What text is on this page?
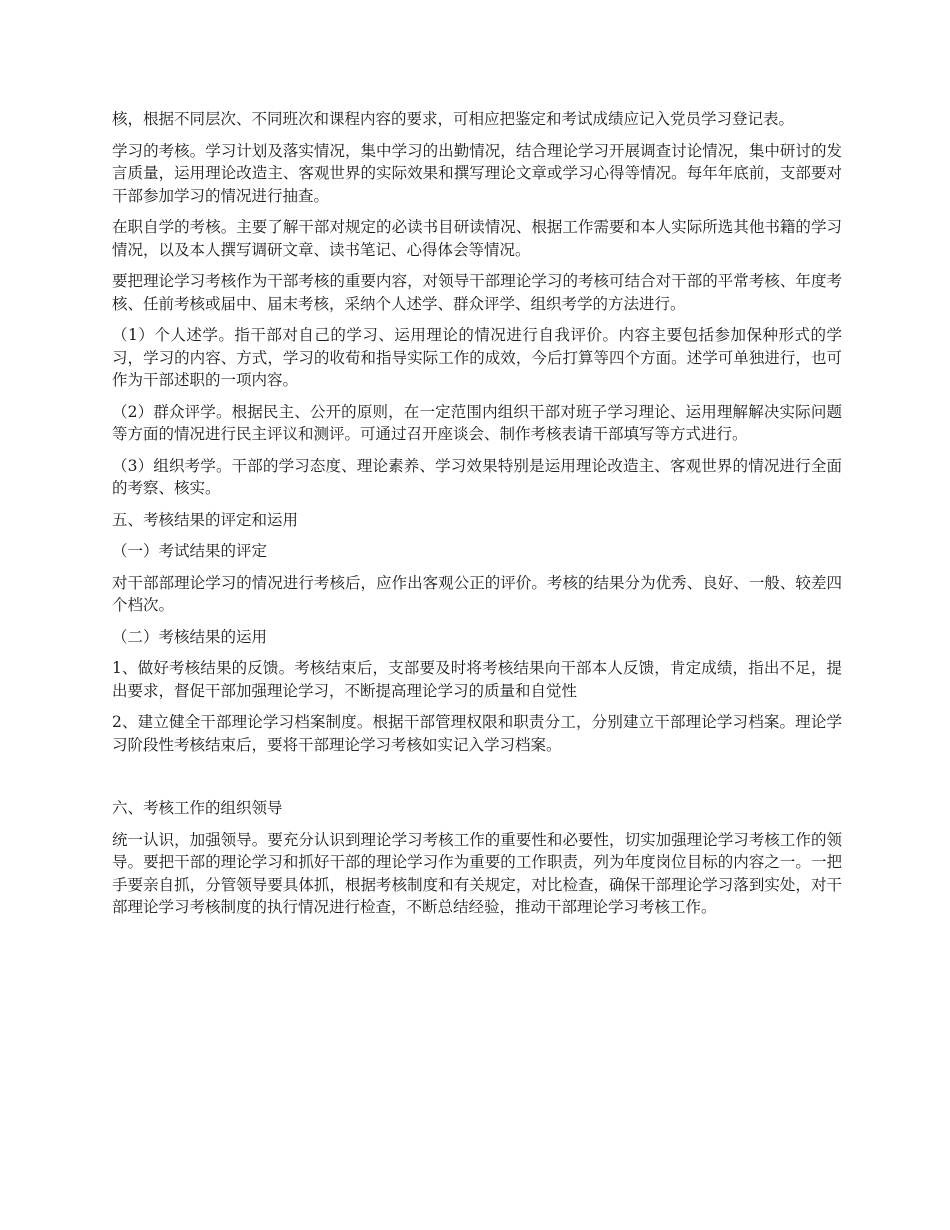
核，根据不同层次、不同班次和课程内容的要求，可相应把鉴定和考试成绩应记入党员学习登记表。

学习的考核。学习计划及落实情况，集中学习的出勤情况，结合理论学习开展调查讨论情况，集中研讨的发言质量，运用理论改造主、客观世界的实际效果和撰写理论文章或学习心得等情况。每年年底前，支部要对干部参加学习的情况进行抽查。

在职自学的考核。主要了解干部对规定的必读书目研读情况、根据工作需要和本人实际所选其他书籍的学习情况，以及本人撰写调研文章、读书笔记、心得体会等情况。

要把理论学习考核作为干部考核的重要内容，对领导干部理论学习的考核可结合对干部的平常考核、年度考核、任前考核或届中、届末考核，采纳个人述学、群众评学、组织考学的方法进行。

（1）个人述学。指干部对自己的学习、运用理论的情况进行自我评价。内容主要包括参加保种形式的学习，学习的内容、方式，学习的收荀和指导实际工作的成效，今后打算等四个方面。述学可单独进行，也可作为干部述职的一项内容。

（2）群众评学。根据民主、公开的原则，在一定范围内组织干部对班子学习理论、运用理解解决实际问题等方面的情况进行民主评议和测评。可通过召开座谈会、制作考核表请干部填写等方式进行。

（3）组织考学。干部的学习态度、理论素养、学习效果特别是运用理论改造主、客观世界的情况进行全面的考察、核实。

五、考核结果的评定和运用

（一）考试结果的评定

对干部部理论学习的情况进行考核后，应作出客观公正的评价。考核的结果分为优秀、良好、一般、较差四个档次。

（二）考核结果的运用

1、做好考核结果的反馈。考核结束后，支部要及时将考核结果向干部本人反馈，肯定成绩，指出不足，提出要求，督促干部加强理论学习，不断提高理论学习的质量和自觉性

2、建立健全干部理论学习档案制度。根据干部管理权限和职责分工，分别建立干部理论学习档案。理论学习阶段性考核结束后，要将干部理论学习考核如实记入学习档案。

六、考核工作的组织领导

统一认识，加强领导。要充分认识到理论学习考核工作的重要性和必要性，切实加强理论学习考核工作的领导。要把干部的理论学习和抓好干部的理论学习作为重要的工作职责，列为年度岗位目标的内容之一。一把手要亲自抓，分管领导要具体抓，根据考核制度和有关规定，对比检查，确保干部理论学习落到实处，对干部理论学习考核制度的执行情况进行检查，不断总结经验，推动干部理论学习考核工作。
